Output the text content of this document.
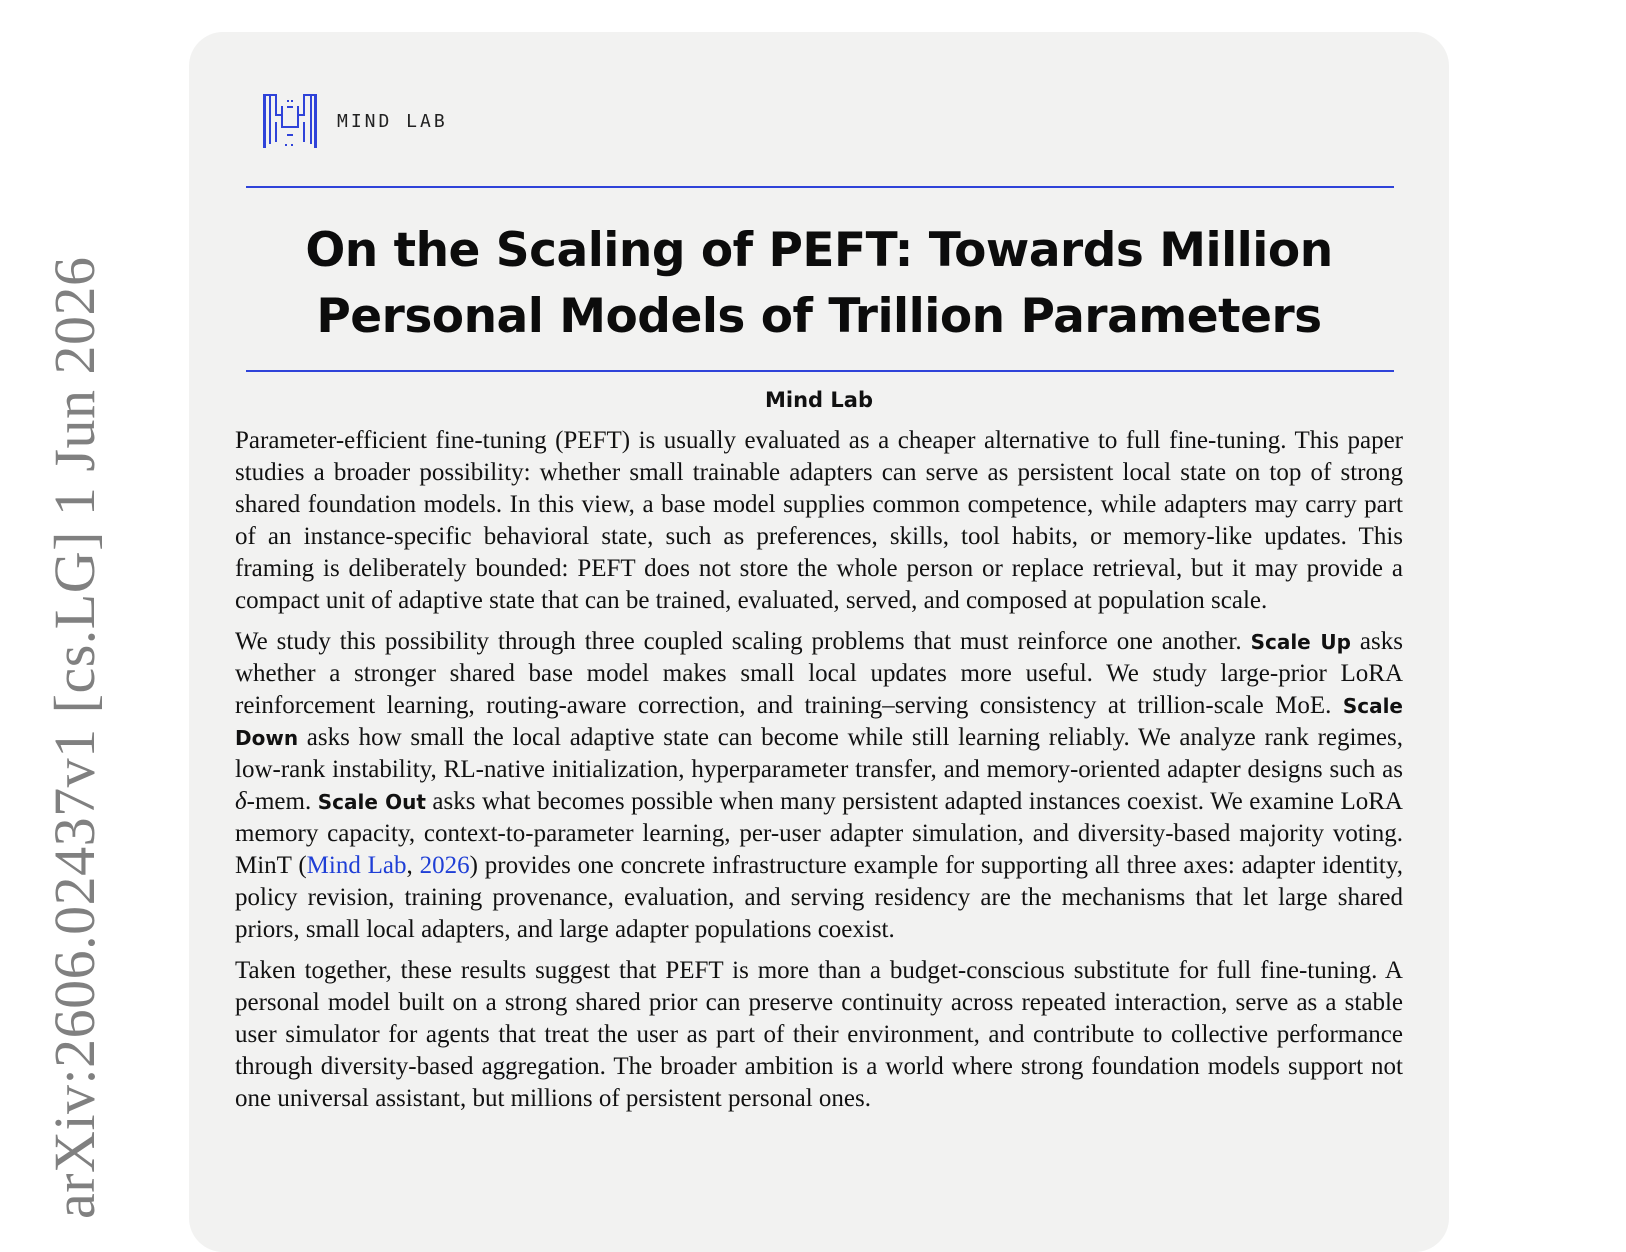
arXiv:2606.02437v1 [cs.LG] 1 Jun 2026
MIND LAB
On the Scaling of PEFT: Towards Million Personal Models of Trillion Parameters
Mind Lab

Parameter-efficient fine-tuning (PEFT) is usually evaluated as a cheaper alternative to full fine-tuning. This paper studies a broader possibility: whether small trainable adapters can serve as persistent local state on top of strong shared foundation models. In this view, a base model supplies common competence, while adapters may carry part of an instance-specific behavioral state, such as preferences, skills, tool habits, or memory-like updates. This framing is deliberately bounded: PEFT does not store the whole person or replace retrieval, but it may provide a compact unit of adaptive state that can be trained, evaluated, served, and composed at population scale.

We study this possibility through three coupled scaling problems that must reinforce one another. Scale Up asks whether a stronger shared base model makes small local updates more useful. We study large-prior LoRA reinforcement learning, routing-aware correction, and training–serving consistency at trillion-scale MoE. Scale Down asks how small the local adaptive state can become while still learning reliably. We analyze rank regimes, low-rank instability, RL-native initialization, hyperparameter transfer, and memory-oriented adapter designs such as δ-mem. Scale Out asks what becomes possible when many persistent adapted instances coexist. We examine LoRA memory capacity, context-to-parameter learning, per-user adapter simulation, and diversity-based majority voting. MinT (Mind Lab, 2026) provides one concrete infrastructure example for supporting all three axes: adapter identity, policy revision, training provenance, evaluation, and serving residency are the mechanisms that let large shared priors, small local adapters, and large adapter populations coexist.

Taken together, these results suggest that PEFT is more than a budget-conscious substitute for full fine-tuning. A personal model built on a strong shared prior can preserve continuity across repeated interaction, serve as a stable user simulator for agents that treat the user as part of their environment, and contribute to collective performance through diversity-based aggregation. The broader ambition is a world where strong foundation models support not one universal assistant, but millions of persistent personal ones.
